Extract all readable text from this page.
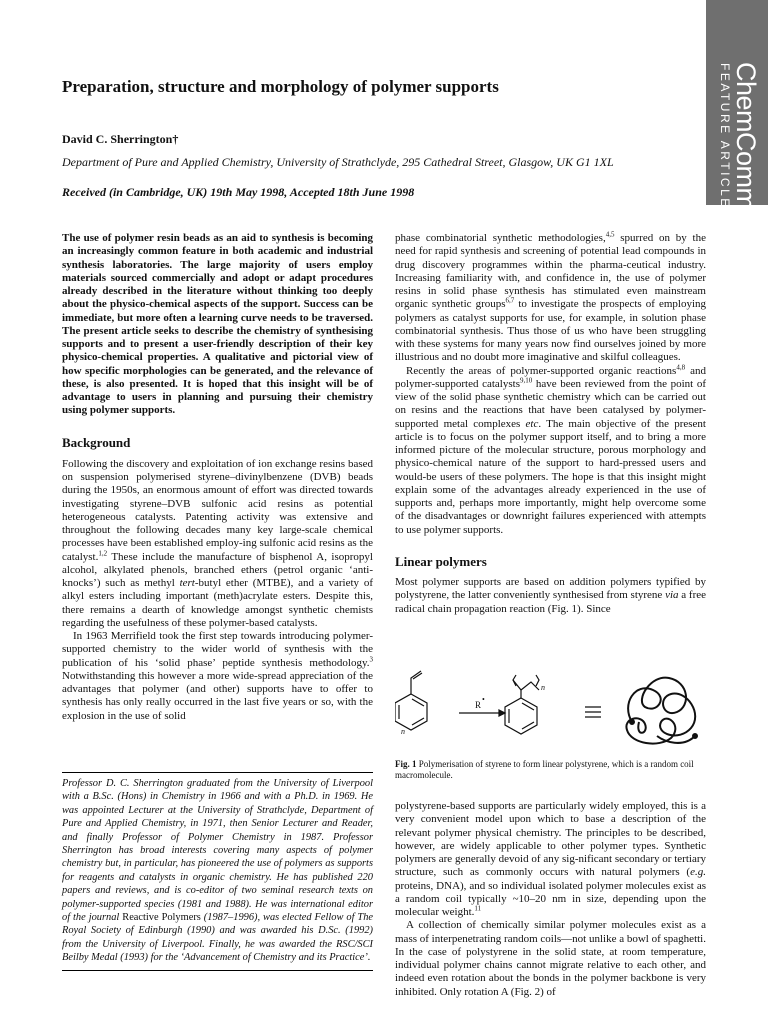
ChemComm
FEATURE ARTICLE
Preparation, structure and morphology of polymer supports
David C. Sherrington†
Department of Pure and Applied Chemistry, University of Strathclyde, 295 Cathedral Street, Glasgow, UK G1 1XL
Received (in Cambridge, UK) 19th May 1998, Accepted 18th June 1998

The use of polymer resin beads as an aid to synthesis is becoming an increasingly common feature in both academic and industrial synthesis laboratories. The large majority of users employ materials sourced commercially and adopt or adapt procedures already described in the literature without thinking too deeply about the physico-chemical aspects of the support. Success can be immediate, but more often a learning curve needs to be traversed. The present article seeks to describe the chemistry of synthesising supports and to present a user-friendly description of their key physico-chemical properties. A qualitative and pictorial view of how specific morphologies can be generated, and the relevance of these, is also presented. It is hoped that this insight will be of advantage to users in planning and pursuing their chemistry using polymer supports.

Background

Following the discovery and exploitation of ion exchange resins based on suspension polymerised styrene–divinylbenzene (DVB) beads during the 1950s, an enormous amount of effort was directed towards investigating styrene–DVB sulfonic acid resins as potential heterogeneous catalysts. Patenting activity was extensive and throughout the following decades many key large-scale chemical processes have been established employ-ing sulfonic acid resins as the catalyst.$^{1,2}$ These include the manufacture of bisphenol A, isopropyl alcohol, alkylated phenols, branched ethers (petrol organic ‘anti-knocks’) such as methyl tert-butyl ether (MTBE), and a variety of alkyl esters including important (meth)acrylate esters. Despite this, there remains a dearth of knowledge amongst synthetic chemists regarding the usefulness of these polymer-based catalysts.

In 1963 Merrifield took the first step towards introducing polymer-supported chemistry to the wider world of synthesis with the publication of his ‘solid phase’ peptide synthesis methodology.$^3$ Notwithstanding this however a more wide-spread appreciation of the advantages that polymer (and other) supports have to offer to synthesis has only really occurred in the last five years or so, with the explosion in the use of solid

Professor D. C. Sherrington graduated from the University of Liverpool with a B.Sc. (Hons) in Chemistry in 1966 and with a Ph.D. in 1969. He was appointed Lecturer at the University of Strathclyde, Department of Pure and Applied Chemistry, in 1971, then Senior Lecturer and Reader, and finally Professor of Polymer Chemistry in 1987. Professor Sherrington has broad interests covering many aspects of polymer chemistry but, in particular, has pioneered the use of polymers as supports for reagents and catalysts in organic chemistry. He has published 220 papers and reviews, and is co-editor of two seminal research texts on polymer-supported species (1981 and 1988). He was international editor of the journal Reactive Polymers (1987–1996), was elected Fellow of The Royal Society of Edinburgh (1990) and was awarded his D.Sc. (1992) from the University of Liverpool. Finally, he was awarded the RSC/SCI Beilby Medal (1993) for the ‘Advancement of Chemistry and its Practice’.

phase combinatorial synthetic methodologies,$^{4,5}$ spurred on by the need for rapid synthesis and screening of potential lead compounds in drug discovery programmes within the pharma-ceutical industry. Increasing familiarity with, and confidence in, the use of polymer resins in solid phase synthesis has stimulated even mainstream organic synthetic groups$^{6,7}$ to investigate the prospects of employing polymers as catalyst supports for use, for example, in solution phase combinatorial synthesis. Thus those of us who have been struggling with these systems for many years now find ourselves joined by more illustrious and no doubt more imaginative and skilful colleagues.

Recently the areas of polymer-supported organic reactions$^{4,8}$ and polymer-supported catalysts$^{9,10}$ have been reviewed from the point of view of the solid phase synthetic chemistry which can be carried out on resins and the reactions that have been catalysed by polymer-supported metal complexes etc. The main objective of the present article is to focus on the polymer support itself, and to bring a more informed picture of the molecular structure, porous morphology and physico-chemical nature of the support to hard-pressed users and would-be users of these polymers. The hope is that this insight might explain some of the advantages already experienced in the use of supports and, perhaps more importantly, might help overcome some of the disadvantages or downright failures experienced with attempts to use polymer supports.

Linear polymers

Most polymer supports are based on addition polymers typified by polystyrene, the latter conveniently synthesised from styrene via a free radical chain propagation reaction (Fig. 1). Since

n
R
•
n
Fig. 1 Polymerisation of styrene to form linear polystyrene, which is a random coil macromolecule.

polystyrene-based supports are particularly widely employed, this is a very convenient model upon which to base a description of the relevant polymer physical chemistry. The principles to be described, however, are widely applicable to other polymer types. Synthetic polymers are generally devoid of any sig-nificant secondary or tertiary structure, such as commonly occurs with natural polymers (e.g. proteins, DNA), and so individual isolated polymer molecules exist as a random coil typically ~10–20 nm in size, depending upon the molecular weight.$^{11}$

A collection of chemically similar polymer molecules exist as a mass of interpenetrating random coils—not unlike a bowl of spaghetti. In the case of polystyrene in the solid state, at room temperature, individual polymer chains cannot migrate relative to each other, and indeed even rotation about the bonds in the polymer backbone is very inhibited. Only rotation A (Fig. 2) of
